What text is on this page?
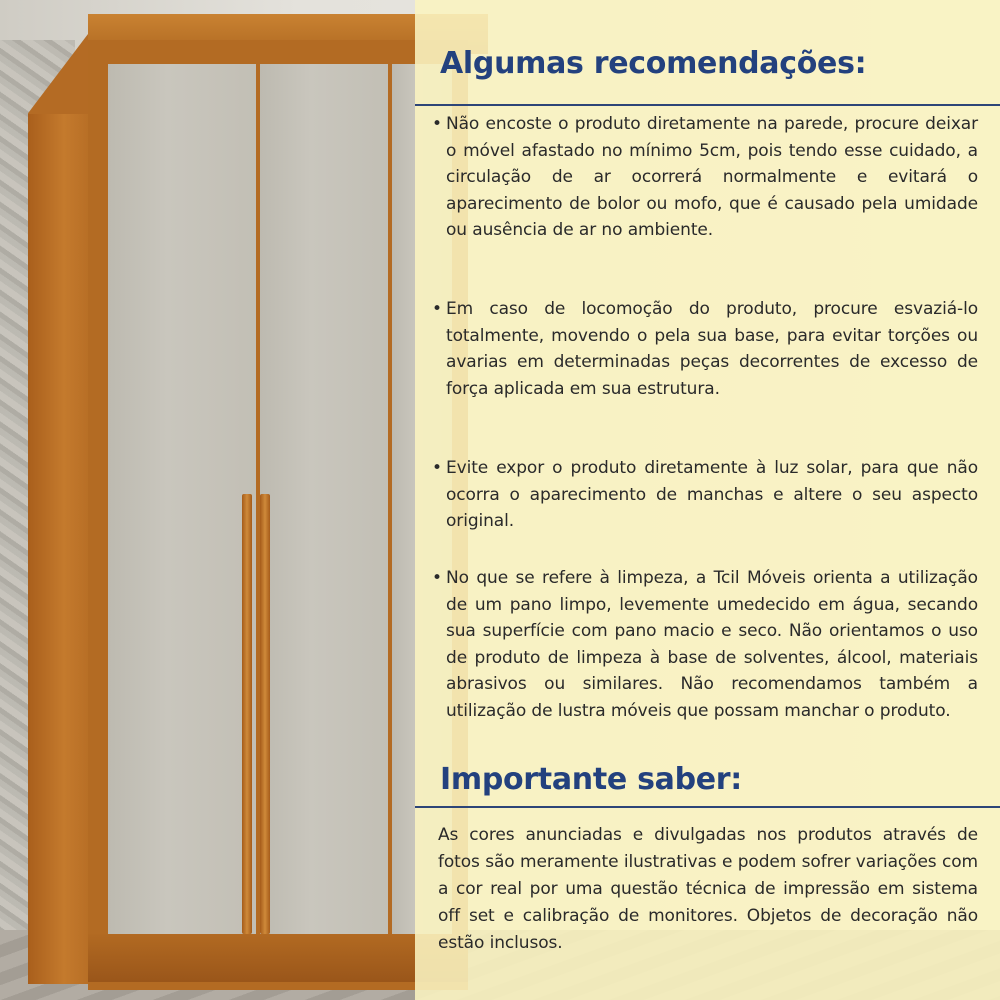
Algumas recomendações:
• Não encoste o produto diretamente na parede, procure deixar o móvel afastado no mínimo 5cm, pois tendo esse cuidado, a circulação de ar ocorrerá normalmente e evitará o aparecimento de bolor ou mofo, que é causado pela umidade ou ausência de ar no ambiente.

• Em caso de locomoção do produto, procure esvaziá-lo totalmente, movendo o pela sua base, para evitar torções ou avarias em determinadas peças decorrentes de excesso de força aplicada em sua estrutura.

• Evite expor o produto diretamente à luz solar, para que não ocorra o aparecimento de manchas e altere o seu aspecto original.

• No que se refere à limpeza, a Tcil Móveis orienta a utilização de um pano limpo, levemente umedecido em água, secando sua superfície com pano macio e seco. Não orientamos o uso de produto de limpeza à base de solventes, álcool, materiais abrasivos ou similares. Não recomendamos também a utilização de lustra móveis que possam manchar o produto.

Importante saber:

As cores anunciadas e divulgadas nos produtos através de fotos são meramente ilustrativas e podem sofrer variações com a cor real por uma questão técnica de impressão em sistema off set e calibração de monitores. Objetos de decoração não estão inclusos.
